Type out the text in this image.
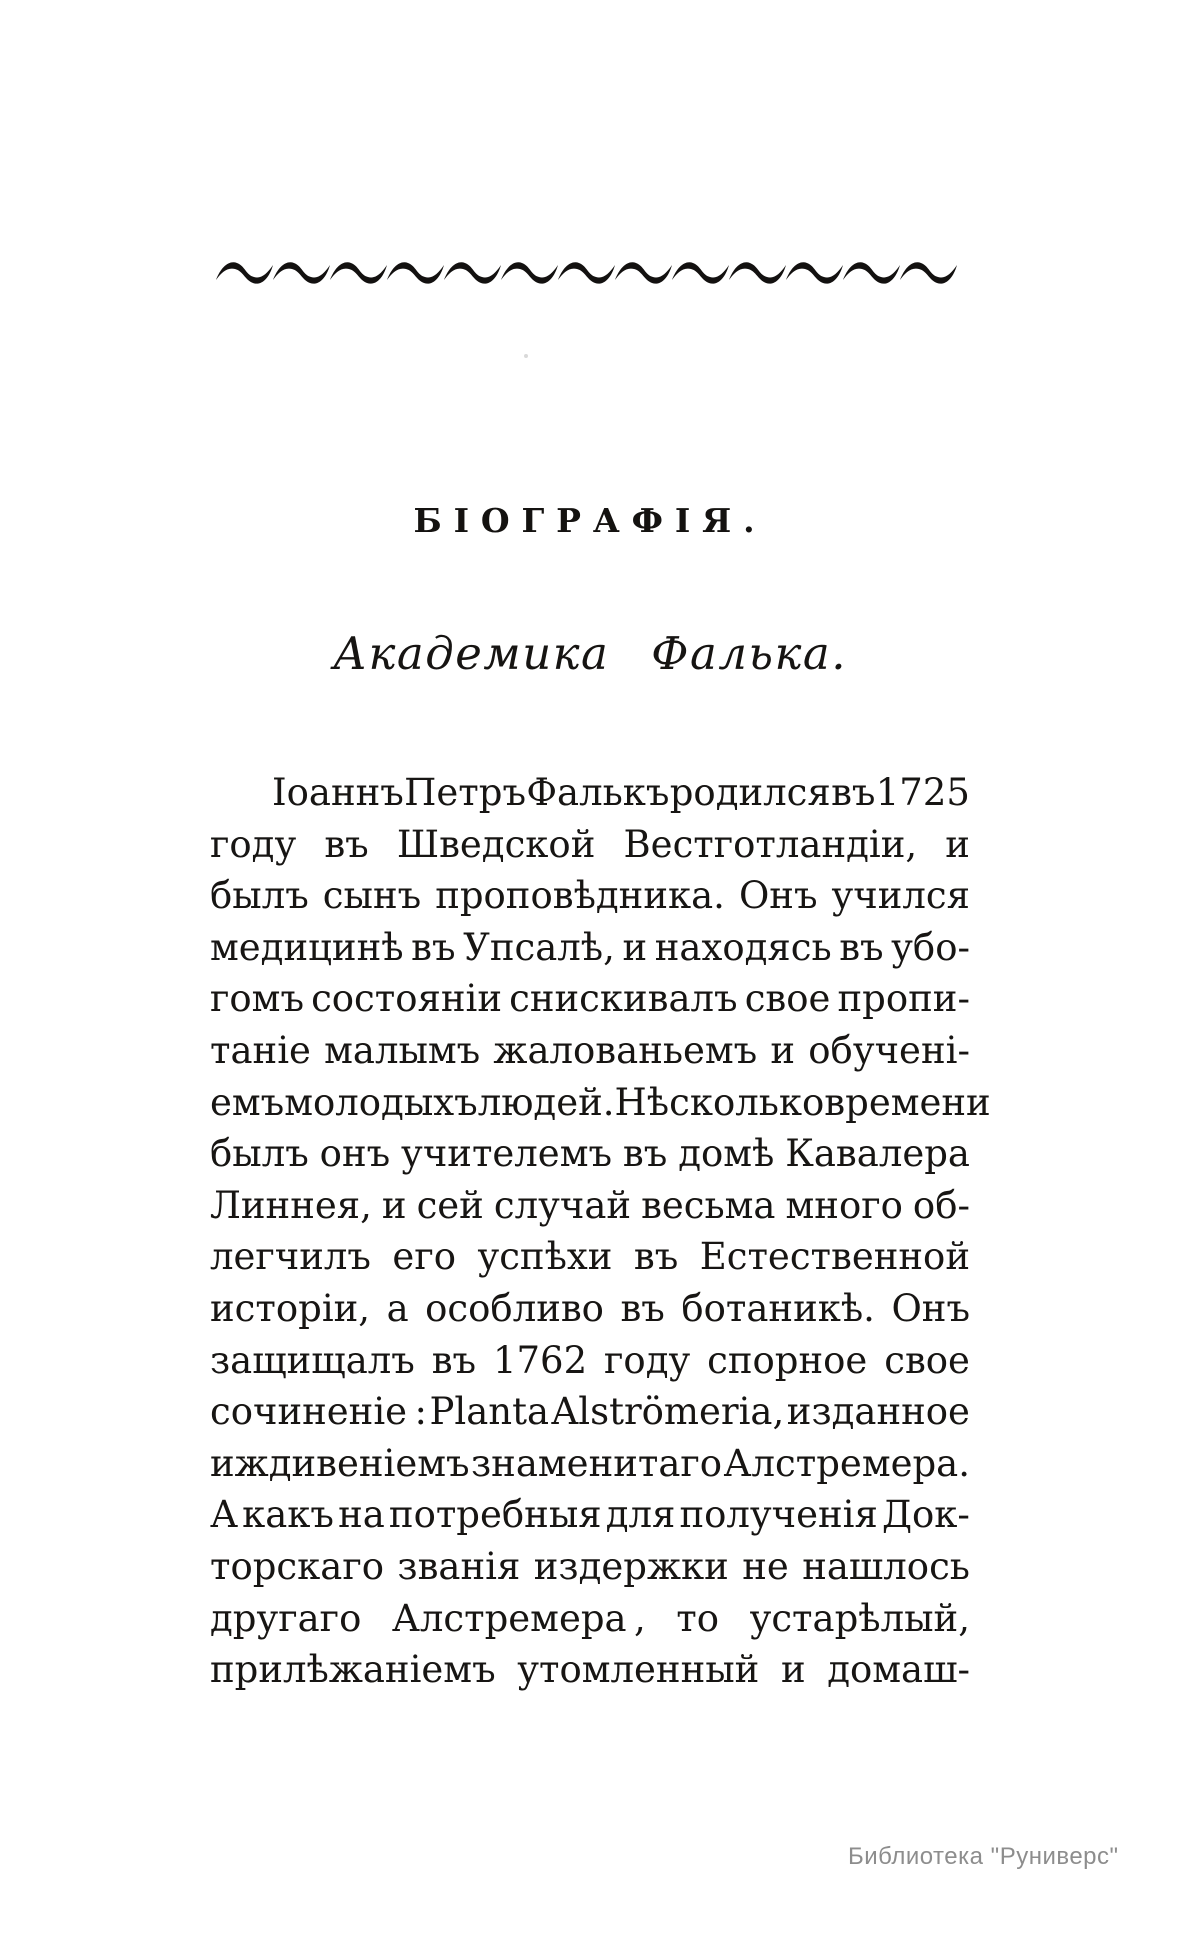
БІОГРАФІЯ.
Академика Фалька.
Іоаннъ Петръ Фалькъ родился въ 1725
году въ Шведской Вестготландіи, и
былъ сынъ проповѣдника. Онъ учился
медицинѣ въ Упсалѣ, и находясь въ убо-
гомъ состояніи снискивалъ свое пропи-
таніе малымъ жалованьемъ и обучені-
емъ молодыхъ людей. Нѣсколько времени
былъ онъ учителемъ въ домѣ Кавалера
Линнея, и сей случай весьма много об-
легчилъ его успѣхи въ Естественной
исторіи, а особливо въ ботаникѣ. Онъ
защищалъ въ 1762 году спорное свое
сочиненіе : Planta Alströmeria, изданное
иждивеніемъ знаменитаго Алстремера.
А какъ на потребныя для полученія Док-
торскаго званія издержки не нашлось
другаго Алстремера , то устарѣлый,
прилѣжаніемъ утомленный и домаш-
Библиотека "Руниверс"
